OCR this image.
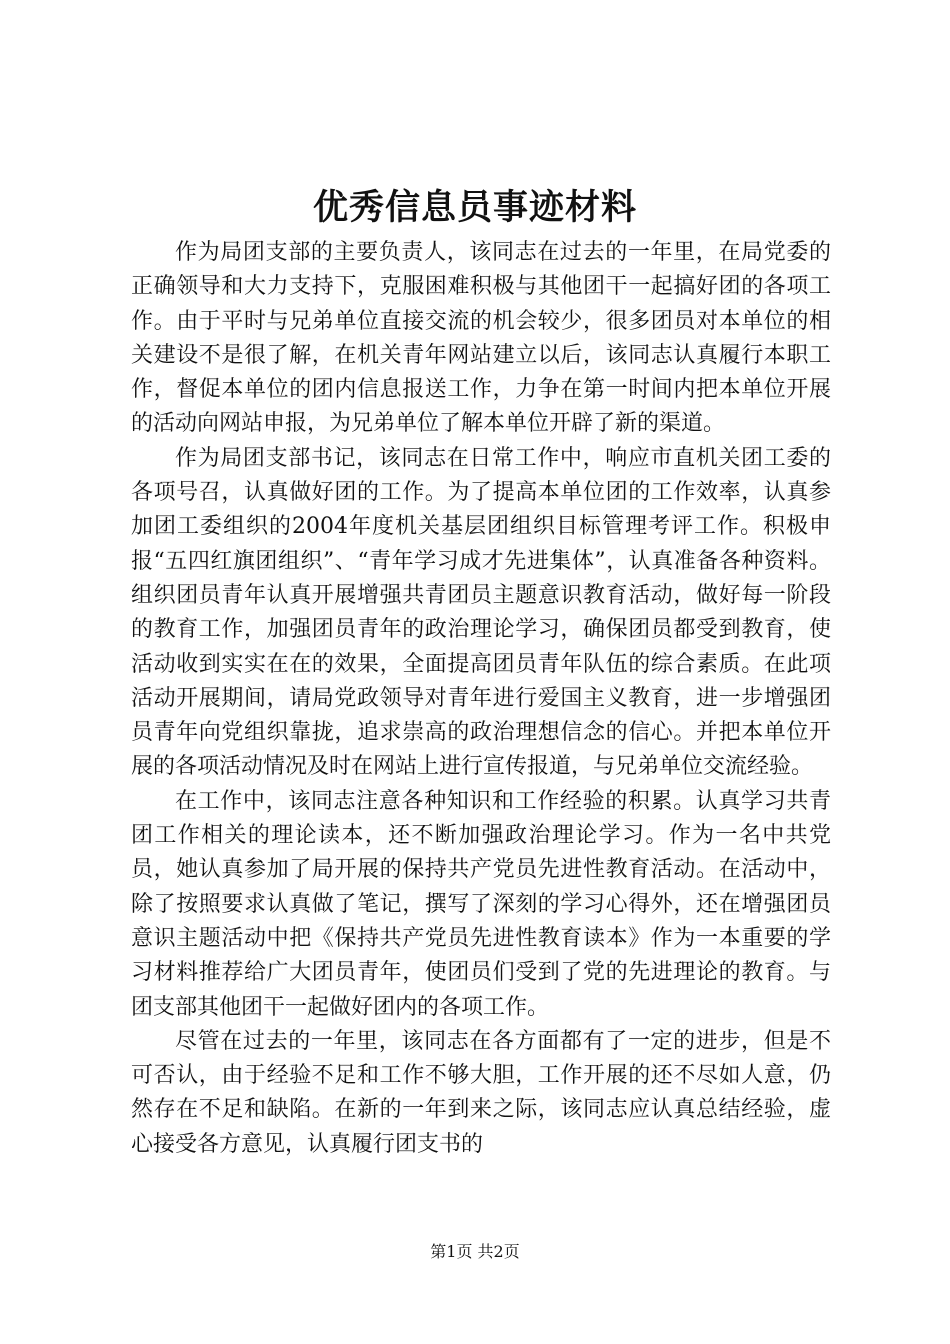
优秀信息员事迹材料

作为局团支部的主要负责人，该同志在过去的一年里，在局党委的正确领导和大力支持下，克服困难积极与其他团干一起搞好团的各项工作。由于平时与兄弟单位直接交流的机会较少，很多团员对本单位的相关建设不是很了解，在机关青年网站建立以后，该同志认真履行本职工作，督促本单位的团内信息报送工作，力争在第一时间内把本单位开展的活动向网站申报，为兄弟单位了解本单位开辟了新的渠道。

作为局团支部书记，该同志在日常工作中，响应市直机关团工委的各项号召，认真做好团的工作。为了提高本单位团的工作效率，认真参加团工委组织的2004年度机关基层团组织目标管理考评工作。积极申报“五四红旗团组织”、“青年学习成才先进集体”，认真准备各种资料。组织团员青年认真开展增强共青团员主题意识教育活动，做好每一阶段的教育工作，加强团员青年的政治理论学习，确保团员都受到教育，使活动收到实实在在的效果，全面提高团员青年队伍的综合素质。在此项活动开展期间，请局党政领导对青年进行爱国主义教育，进一步增强团员青年向党组织靠拢，追求崇高的政治理想信念的信心。并把本单位开展的各项活动情况及时在网站上进行宣传报道，与兄弟单位交流经验。

在工作中，该同志注意各种知识和工作经验的积累。认真学习共青团工作相关的理论读本，还不断加强政治理论学习。作为一名中共党员，她认真参加了局开展的保持共产党员先进性教育活动。在活动中，除了按照要求认真做了笔记，撰写了深刻的学习心得外，还在增强团员意识主题活动中把《保持共产党员先进性教育读本》作为一本重要的学习材料推荐给广大团员青年，使团员们受到了党的先进理论的教育。与团支部其他团干一起做好团内的各项工作。

尽管在过去的一年里，该同志在各方面都有了一定的进步，但是不可否认，由于经验不足和工作不够大胆，工作开展的还不尽如人意，仍然存在不足和缺陷。在新的一年到来之际，该同志应认真总结经验，虚心接受各方意见，认真履行团支书的

第1页 共2页
